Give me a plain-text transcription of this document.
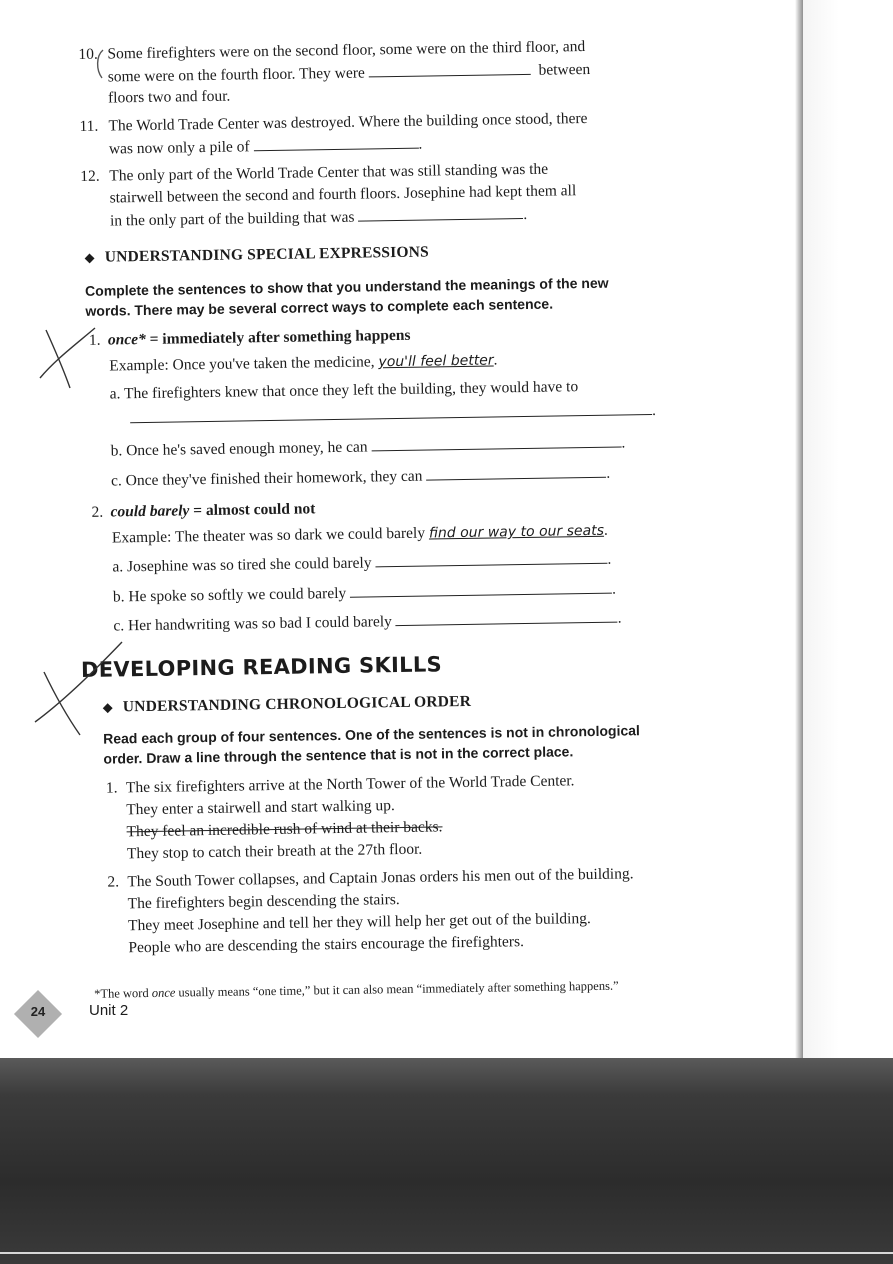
10. Some firefighters were on the second floor, some were on the third floor, and
some were on the fourth floor. They were	between
floors two and four.
11. The World Trade Center was destroyed. Where the building once stood, there
was now only a pile of	.
12. The only part of the World Trade Center that was still standing was the
stairwell between the second and fourth floors. Josephine had kept them all
in the only part of the building that was	.
◆ UNDERSTANDING SPECIAL EXPRESSIONS
Complete the sentences to show that you understand the meanings of the new
words. There may be several correct ways to complete each sentence.
1. once* = immediately after something happens
Example: Once you've taken the medicine, you'll feel better.
a. The firefighters knew that once they left the building, they would have to
.
b. Once he's saved enough money, he can	.
c. Once they've finished their homework, they can	.
2. could barely = almost could not
Example: The theater was so dark we could barely find our way to our seats.
a. Josephine was so tired she could barely	.
b. He spoke so softly we could barely	.
c. Her handwriting was so bad I could barely	.
DEVELOPING READING SKILLS
◆ UNDERSTANDING CHRONOLOGICAL ORDER
Read each group of four sentences. One of the sentences is not in chronological
order. Draw a line through the sentence that is not in the correct place.
1. The six firefighters arrive at the North Tower of the World Trade Center.
They enter a stairwell and start walking up.
They feel an incredible rush of wind at their backs.
They stop to catch their breath at the 27th floor.
2. The South Tower collapses, and Captain Jonas orders his men out of the building.
The firefighters begin descending the stairs.
They meet Josephine and tell her they will help her get out of the building.
People who are descending the stairs encourage the firefighters.
*The word once usually means “one time,” but it can also mean “immediately after something happens.”
24	Unit 2
